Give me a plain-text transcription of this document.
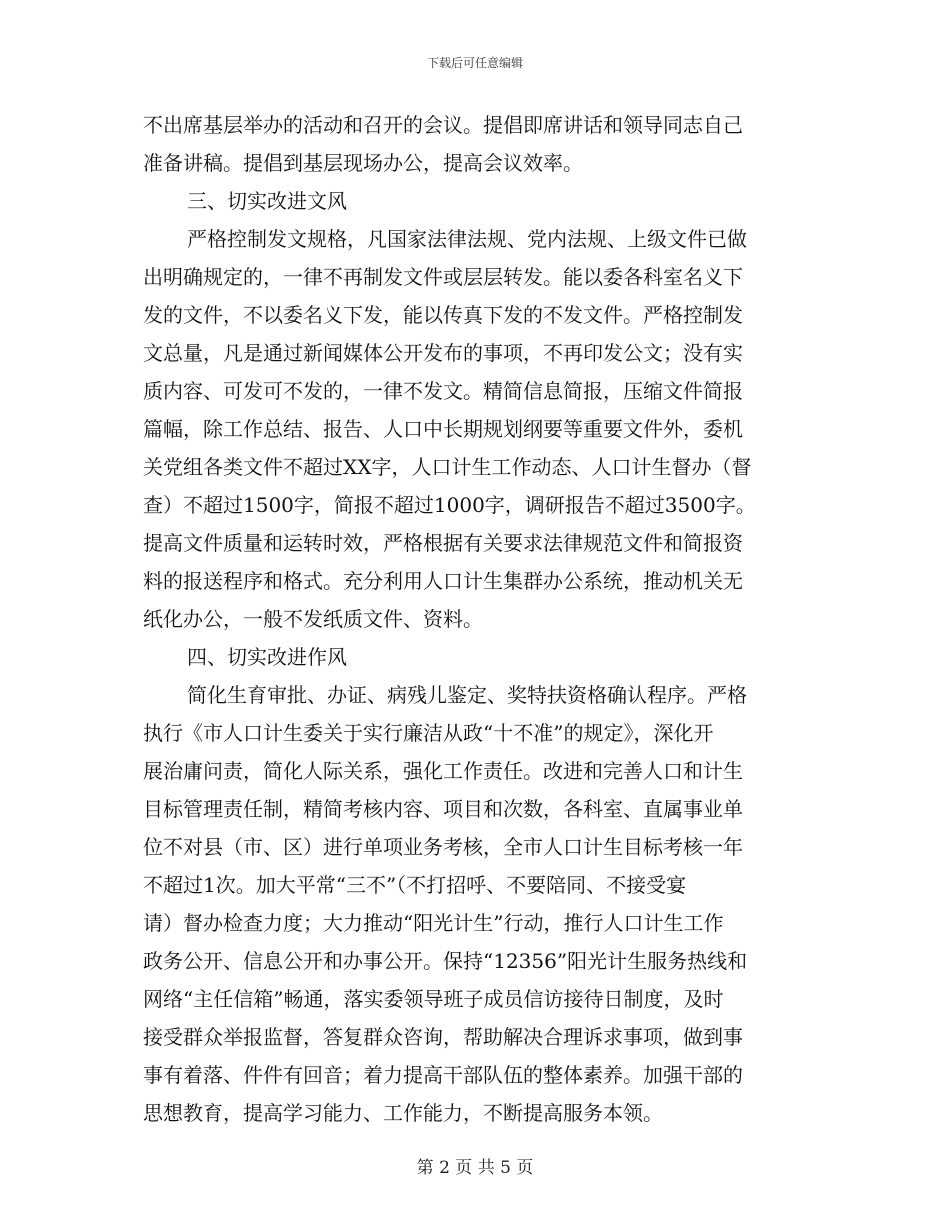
下载后可任意编辑
不出席基层举办的活动和召开的会议。提倡即席讲话和领导同志自己
准备讲稿。提倡到基层现场办公，提高会议效率。
三、切实改进文风
严格控制发文规格，凡国家法律法规、党内法规、上级文件已做
出明确规定的，一律不再制发文件或层层转发。能以委各科室名义下
发的文件，不以委名义下发，能以传真下发的不发文件。严格控制发
文总量，凡是通过新闻媒体公开发布的事项，不再印发公文；没有实
质内容、可发可不发的，一律不发文。精简信息简报，压缩文件简报
篇幅，除工作总结、报告、人口中长期规划纲要等重要文件外，委机
关党组各类文件不超过XX字，人口计生工作动态、人口计生督办（督
查）不超过1500字，简报不超过1000字，调研报告不超过3500字。
提高文件质量和运转时效，严格根据有关要求法律规范文件和简报资
料的报送程序和格式。充分利用人口计生集群办公系统，推动机关无
纸化办公，一般不发纸质文件、资料。
四、切实改进作风
简化生育审批、办证、病残儿鉴定、奖特扶资格确认程序。严格
执行《市人口计生委关于实行廉洁从政“十不准”的规定》，深化开
展治庸问责，简化人际关系，强化工作责任。改进和完善人口和计生
目标管理责任制，精简考核内容、项目和次数，各科室、直属事业单
位不对县（市、区）进行单项业务考核，全市人口计生目标考核一年
不超过1次。加大平常“三不”（不打招呼、不要陪同、不接受宴
请）督办检查力度；大力推动“阳光计生”行动，推行人口计生工作
政务公开、信息公开和办事公开。保持“12356”阳光计生服务热线和
网络“主任信箱”畅通，落实委领导班子成员信访接待日制度，及时
接受群众举报监督，答复群众咨询，帮助解决合理诉求事项，做到事
事有着落、件件有回音；着力提高干部队伍的整体素养。加强干部的
思想教育，提高学习能力、工作能力，不断提高服务本领。
第 2 页 共 5 页
